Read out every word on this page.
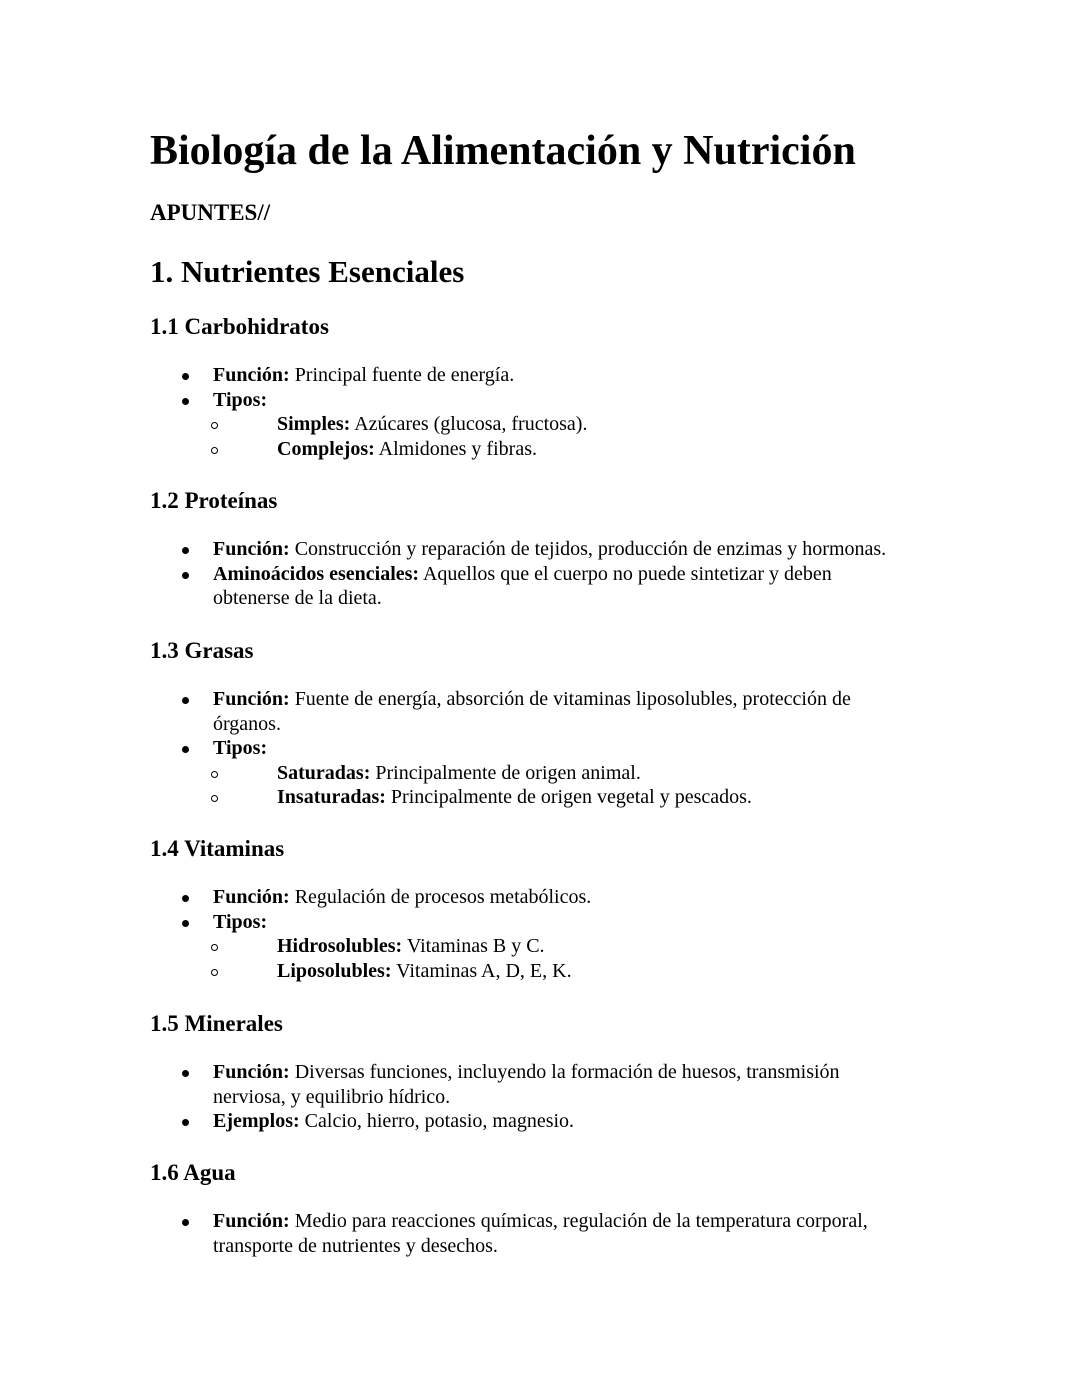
Biología de la Alimentación y Nutrición

APUNTES//

1. Nutrientes Esenciales
1.1 Carbohidratos
Función: Principal fuente de energía.
Tipos:
Simples: Azúcares (glucosa, fructosa).
Complejos: Almidones y fibras.
1.2 Proteínas
Función: Construcción y reparación de tejidos, producción de enzimas y hormonas.
Aminoácidos esenciales: Aquellos que el cuerpo no puede sintetizar y deben obtenerse de la dieta.
1.3 Grasas
Función: Fuente de energía, absorción de vitaminas liposolubles, protección de órganos.
Tipos:
Saturadas: Principalmente de origen animal.
Insaturadas: Principalmente de origen vegetal y pescados.
1.4 Vitaminas
Función: Regulación de procesos metabólicos.
Tipos:
Hidrosolubles: Vitaminas B y C.
Liposolubles: Vitaminas A, D, E, K.
1.5 Minerales
Función: Diversas funciones, incluyendo la formación de huesos, transmisión nerviosa, y equilibrio hídrico.
Ejemplos: Calcio, hierro, potasio, magnesio.
1.6 Agua
Función: Medio para reacciones químicas, regulación de la temperatura corporal, transporte de nutrientes y desechos.
